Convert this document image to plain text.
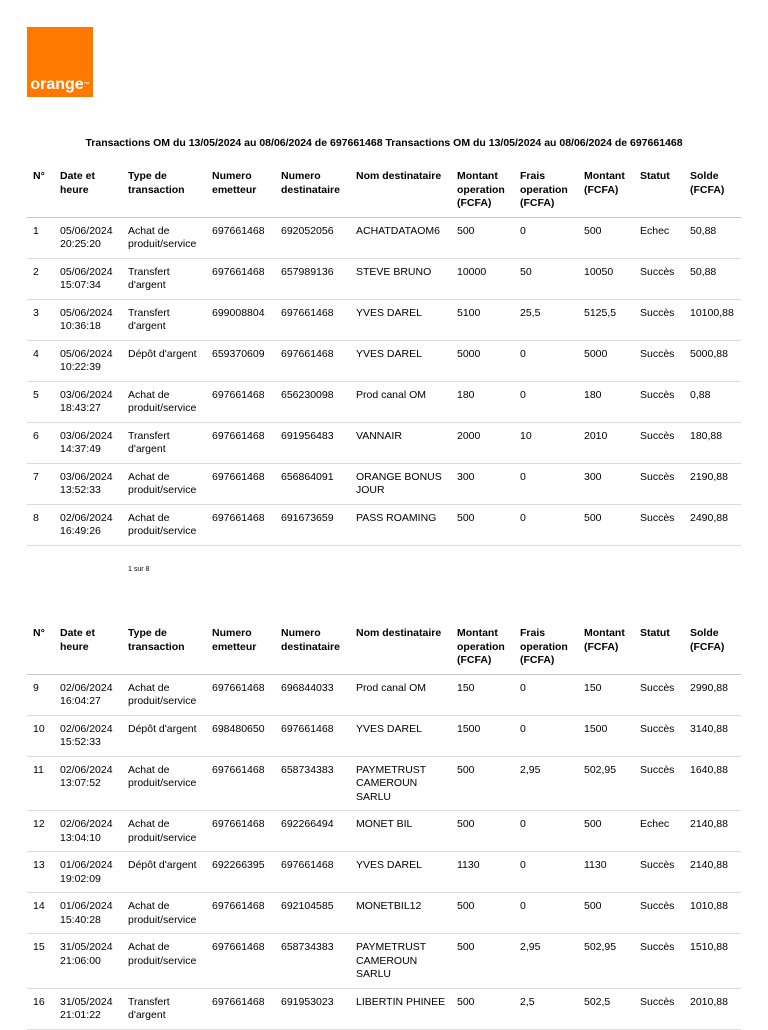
orange™
Transactions OM du 13/05/2024 au 08/06/2024 de 697661468 Transactions OM du 13/05/2024 au 08/06/2024 de 697661468
N°	Date et heure	Type de transaction	Numero emetteur	Numero destinataire	Nom destinataire	Montant operation (FCFA)	Frais operation (FCFA)	Montant (FCFA)	Statut	Solde (FCFA)

1	05/06/2024 20:25:20	Achat de produit/service	697661468	692052056	ACHATDATAOM6	500	0	500	Echec	50,88

2	05/06/2024 15:07:34	Transfert d'argent	697661468	657989136	STEVE BRUNO	10000	50	10050	Succès	50,88

3	05/06/2024 10:36:18	Transfert d'argent	699008804	697661468	YVES DAREL	5100	25,5	5125,5	Succès	10100,88

4	05/06/2024 10:22:39	Dépôt d'argent	659370609	697661468	YVES DAREL	5000	0	5000	Succès	5000,88

5	03/06/2024 18:43:27	Achat de produit/service	697661468	656230098	Prod canal OM	180	0	180	Succès	0,88

6	03/06/2024 14:37:49	Transfert d'argent	697661468	691956483	VANNAIR	2000	10	2010	Succès	180,88

7	03/06/2024 13:52:33	Achat de produit/service	697661468	656864091	ORANGE BONUS JOUR	300	0	300	Succès	2190,88

8	02/06/2024 16:49:26	Achat de produit/service	697661468	691673659	PASS ROAMING	500	0	500	Succès	2490,88
1 sur 8
N°	Date et heure	Type de transaction	Numero emetteur	Numero destinataire	Nom destinataire	Montant operation (FCFA)	Frais operation (FCFA)	Montant (FCFA)	Statut	Solde (FCFA)

9	02/06/2024 16:04:27	Achat de produit/service	697661468	696844033	Prod canal OM	150	0	150	Succès	2990,88

10	02/06/2024 15:52:33	Dépôt d'argent	698480650	697661468	YVES DAREL	1500	0	1500	Succès	3140,88

11	02/06/2024 13:07:52	Achat de produit/service	697661468	658734383	PAYMETRUST CAMEROUN SARLU	500	2,95	502,95	Succès	1640,88

12	02/06/2024 13:04:10	Achat de produit/service	697661468	692266494	MONET BIL	500	0	500	Echec	2140,88

13	01/06/2024 19:02:09	Dépôt d'argent	692266395	697661468	YVES DAREL	1130	0	1130	Succès	2140,88

14	01/06/2024 15:40:28	Achat de produit/service	697661468	692104585	MONETBIL12	500	0	500	Succès	1010,88

15	31/05/2024 21:06:00	Achat de produit/service	697661468	658734383	PAYMETRUST CAMEROUN SARLU	500	2,95	502,95	Succès	1510,88

16	31/05/2024 21:01:22	Transfert d'argent	697661468	691953023	LIBERTIN PHINEE	500	2,5	502,5	Succès	2010,88
